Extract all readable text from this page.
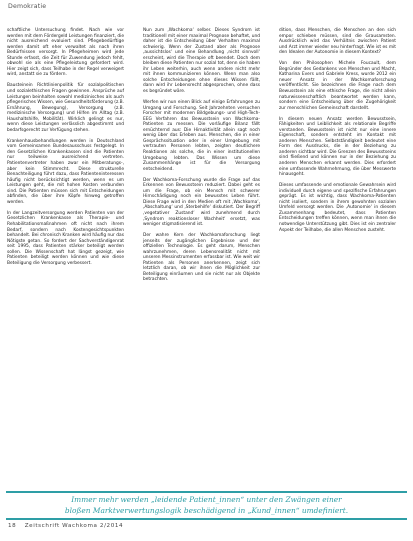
Demokratie

schaftliche Untersuchung findet. Nach wie vor werden mit dem Fördergeld Leistungen finanziert, die nicht ausreichend evaluiert sind. Pflegebedürftige werden damit oft eher verwaltet als nach ihren Bedürfnissen versorgt. In Pflegeheimen wird jede Stunde erfasst, die Zeit für Zuwendung jedoch fehlt, obwohl sie als eine Pflegeleistung gefordert wird. Hier zeigt sich, dass Teilhabe in der Regel verweigert wird, anstatt sie zu fördern.

Bausteinein Richtlinienpolitik für sozialpolitischen und sozialethischen Fragen gewinnen. Ansprüche auf Leistungen beinhalten sowohl medizinisches als auch pflegerisches Wissen, wie Gesundheitsförderung (z.B. Ernährung, Bewegung), Versorgung (z.B. medizinische Versorgung) und Hilfen im Alltag (z.B. Haushaltshilfe, Mobilität). Wirklich gelingt es nur, wenn diese Leistungen verlässlich abgestimmt und bedarfsgerecht zur Verfügung stehen.

Krankenhausbehandlungen werden in Deutschland vom Gemeinsamen Bundesausschuss festgelegt. In den Gesetzlichen Krankenkassen sind die Patienten nur teilweise ausreichend vertreten. Patientenvertreter haben zwar ein Mitberatungs-, aber kein Stimmrecht. Diese strukturelle Benachteiligung führt dazu, dass Patienteninteressen häufig nicht berücksichtigt werden, wenn es um Leistungen geht, die mit hohen Kosten verbunden sind. Die Patienten müssen sich mit Entscheidungen abfinden, die über ihre Köpfe hinweg getroffen werden.

In der Langzeitversorgung werden Patienten von der Gesetzlichen Krankenkasse als Therapie- und Rehabilitationsmaßnahmen oft nicht nach ihrem Bedarf, sondern nach Kostengesichtspunkten behandelt. Bei chronisch Kranken wird häufig nur das Nötigste getan. So fordert der Sachverständigenrat seit 1995, dass Patienten stärker beteiligt werden sollen. Die Wissenschaft hat längst gezeigt, wie Patienten beteiligt werden können und wie diese Beteiligung die Versorgung verbessert.

Nun zum ‚Wachkoma‘ selber. Dieses Syndrom ist traditionell mit einer maximal Prognose behaftet, und daher ist die Entscheidung über Verhalten maximal schwierig. Wenn der Zustand aber als Prognose ‚aussichtslos‘ und eine Behandlung ‚nicht sinnvoll‘ erscheint, wird die Therapie oft beendet. Doch dem bleiben diese Patienten nur sozial tot, denn sie haben ihr Leben weiterhin, auch wenn andere nicht mehr mit ihnen kommunizieren können. Wenn man also solche Entscheidungen ohne dieses Wissen fällt, dann wird ihr Lebensrecht abgesprochen, ohne dass es begründet wäre.

Werfen wir nun einen Blick auf einige Erfahrungen zu Umgang und Forschung. Seit Jahrzehnten versuchen Forscher mit modernen Bildgebungs- und High-Tech-EEG Verfahren das Bewusstsein von Wachkoma-Patienten zu messen. Die vorläufige Bilanz fällt ernüchternd aus: Die Hirnaktivität allein sagt noch wenig über das Erleben aus. Menschen, die in einer Gesprächssituation oder in einer Umgebung mit vertrauten Personen lebten, zeigten deutlichere Reaktionen als solche, die in einer institutionellen Umgebung lebten. Das Wissen um diese Zusammenhänge ist für die Versorgung entscheidend.

Der Wachkoma-Forschung wurde die Frage auf das Erkennen von Bewusstsein reduziert. Dabei geht es um die Frage, ob ein Mensch mit schwerer Hirnschädigung noch ein bewusstes Leben führt. Diese Frage wird in den Medien oft mit ‚Wachkoma‘, ‚Abschaltung‘ und ‚Sterbehilfe‘ diskutiert. Der Begriff ‚vegetativer Zustand‘ wird zunehmend durch ‚Syndrom reaktionsloser Wachheit‘ ersetzt, was weniger stigmatisierend ist.

Der wahre Kern der Wachkomaforschung liegt jenseits der zugänglichen Ergebnisse und der offiziellen Technologie. Es geht darum, Menschen wahrzunehmen, deren Lebensrealität nicht mit unseren Messinstrumenten erfassbar ist. Wie weit wir Patienten als Personen anerkennen, zeigt sich letztlich daran, ob wir ihnen die Möglichkeit zur Beteiligung einräumen und sie nicht nur als Objekte betrachten.

dition, dass Menschen, die Menschen an den sich empor schieben müssen, sind die Grausamsten. Ausdrücklich wird das Verhältnis zwischen Patient und Arzt immer wieder neu hinterfragt. Wie ist es mit den Idealen der Autonomie in diesem Kontext?

Von den Philosophen Michele Foucault, dem Begründer des Gedankens von Menschen und Macht, Katharina Evers und Gabriele Kress, wurde 2012 ein neuer Ansatz in der Wachkomaforschung veröffentlicht. Sie bezeichnen die Frage nach dem Bewusstsein als eine ethische Frage, die nicht allein naturwissenschaftlich beantwortet werden kann, sondern eine Entscheidung über die Zugehörigkeit zur menschlichen Gemeinschaft darstellt.

In diesem neuen Ansatz werden Bewusstsein, Fähigkeiten und Leiblichkeit als relationale Begriffe verstanden. Bewusstsein ist nicht nur eine innere Eigenschaft, sondern entsteht im Kontakt mit anderen Menschen. Selbstständigkeit bedeutet eine Form des Ausdrucks, die in der Beziehung zu anderen sichtbar wird. Die Grenzen des Bewusstseins sind fließend und können nur in der Beziehung zu anderen Menschen erkannt werden. Dies erfordert eine umfassende Wahrnehmung, die über Messwerte hinausgeht.

Dieses umfassende und emotionale Gewahrsein wird individuell durch eigene und spezifische Erfahrungen geprägt. Es ist wichtig, dass Wachkoma-Patienten nicht isoliert, sondern in ihrem gewohnten sozialen Umfeld versorgt werden. Die ‚Autonomie‘ in diesem Zusammenhang bedeutet, dass Patienten Entscheidungen treffen können, wenn man ihnen die notwendige Unterstützung gibt. Dies ist ein zentraler Aspekt der Teilhabe, die allen Menschen zusteht.

Immer mehr werden „leidende Patient_innen“ unter den Zwängen einer
bloßen Marktverwertungslogik beschädigend in „Kund_innen“ umdefiniert.
18 Zeitschrift Wachkoma 2/2014
